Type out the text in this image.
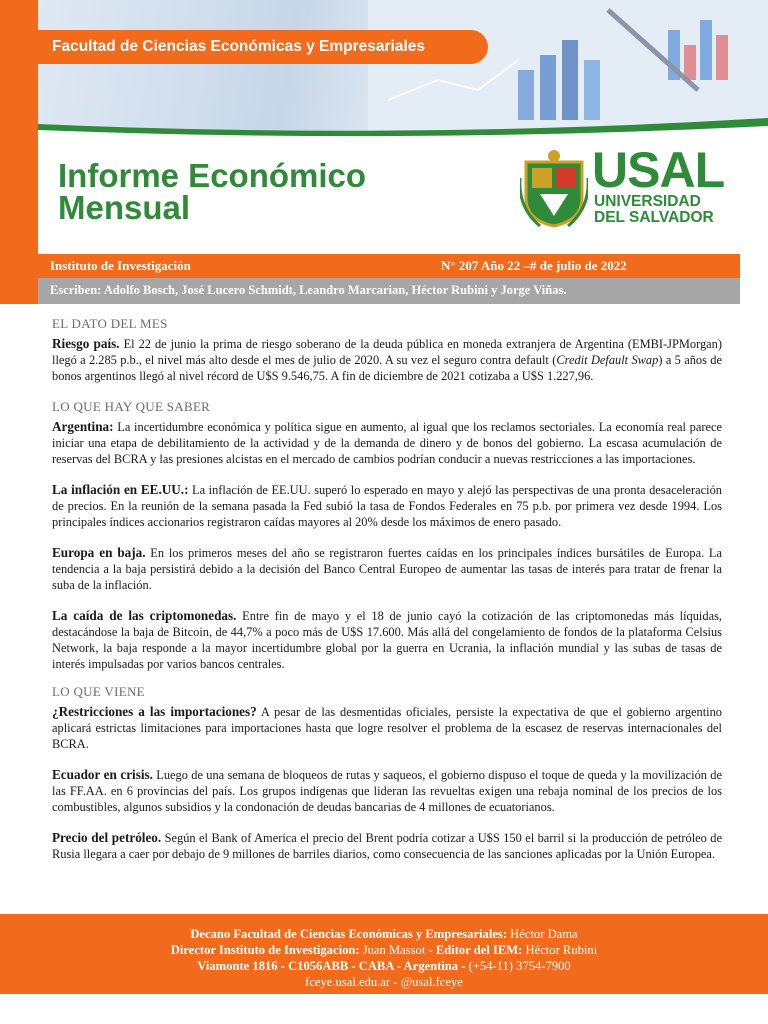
Facultad de Ciencias Económicas y Empresariales
Informe Económico
Mensual
USAL
UNIVERSIDAD
DEL SALVADOR
Instituto de Investigación	N° 207 Año 22 –# de julio de 2022
Escriben: Adolfo Bosch, José Lucero Schmidt, Leandro Marcarian, Héctor Rubini y Jorge Viñas.
EL DATO DEL MES
Riesgo país. El 22 de junio la prima de riesgo soberano de la deuda pública en moneda extranjera de Argentina (EMBI-JPMorgan) llegó a 2.285 p.b., el nivel más alto desde el mes de julio de 2020. A su vez el seguro contra default (Credit Default Swap) a 5 años de bonos argentinos llegó al nivel récord de U$S 9.546,75. A fin de diciembre de 2021 cotizaba a U$S 1.227,96.
LO QUE HAY QUE SABER
Argentina: La incertidumbre económica y política sigue en aumento, al igual que los reclamos sectoriales. La economía real parece iniciar una etapa de debilitamiento de la actividad y de la demanda de dinero y de bonos del gobierno. La escasa acumulación de reservas del BCRA y las presiones alcistas en el mercado de cambios podrían conducir a nuevas restricciones a las importaciones.
La inflación en EE.UU.: La inflación de EE.UU. superó lo esperado en mayo y alejó las perspectivas de una pronta desaceleración de precios. En la reunión de la semana pasada la Fed subió la tasa de Fondos Federales en 75 p.b. por primera vez desde 1994. Los principales índices accionarios registraron caídas mayores al 20% desde los máximos de enero pasado.
Europa en baja. En los primeros meses del año se registraron fuertes caídas en los principales índices bursátiles de Europa. La tendencia a la baja persistirá debido a la decisión del Banco Central Europeo de aumentar las tasas de interés para tratar de frenar la suba de la inflación.
La caída de las criptomonedas. Entre fin de mayo y el 18 de junio cayó la cotización de las criptomonedas más líquidas, destacándose la baja de Bitcoin, de 44,7% a poco más de U$S 17.600. Más allá del congelamiento de fondos de la plataforma Celsius Network, la baja responde a la mayor incertidumbre global por la guerra en Ucrania, la inflación mundial y las subas de tasas de interés impulsadas por varios bancos centrales.
LO QUE VIENE
¿Restricciones a las importaciones? A pesar de las desmentidas oficiales, persiste la expectativa de que el gobierno argentino aplicará estrictas limitaciones para importaciones hasta que logre resolver el problema de la escasez de reservas internacionales del BCRA.
Ecuador en crisis. Luego de una semana de bloqueos de rutas y saqueos, el gobierno dispuso el toque de queda y la movilización de las FF.AA. en 6 provincias del país. Los grupos indígenas que lideran las revueltas exigen una rebaja nominal de los precios de los combustibles, algunos subsidios y la condonación de deudas bancarias de 4 millones de ecuatorianos.
Precio del petróleo. Según el Bank of America el precio del Brent podría cotizar a U$S 150 el barril si la producción de petróleo de Rusia llegara a caer por debajo de 9 millones de barriles diarios, como consecuencia de las sanciones aplicadas por la Unión Europea.
Decano Facultad de Ciencias Económicas y Empresariales: Héctor Dama
Director Instituto de Investigacion: Juan Massot - Editor del IEM: Héctor Rubini
Viamonte 1816 - C1056ABB - CABA - Argentina - (+54-11) 3754-7900
fceye.usal.edu.ar - @usal.fceye
